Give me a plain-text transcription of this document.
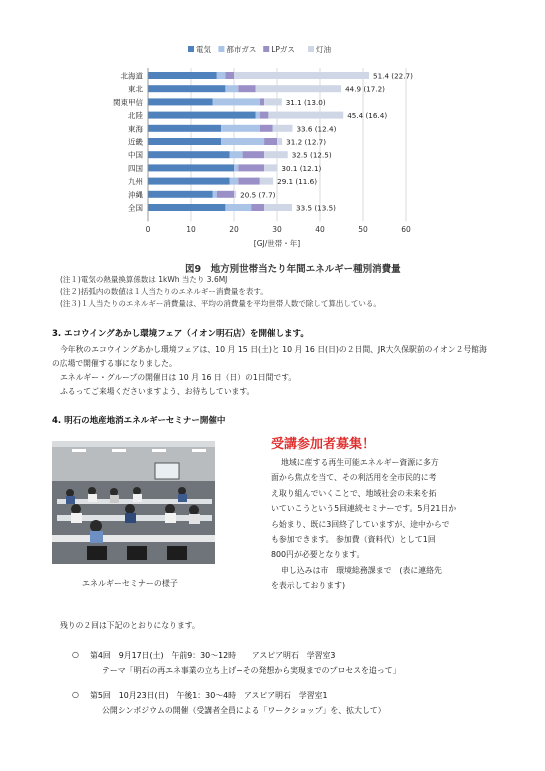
電気 都市ガス LPガス	灯油
北海道	51.4 (22.7)
東北	44.9 (17.2)
関東甲信	31.1 (13.0)
北陸	45.4 (16.4)
東海	33.6 (12.4)
近畿	31.2 (12.7)
中国	32.5 (12.5)
四国	30.1 (12.1)
九州	29.1 (11.6)
沖縄	20.5 (7.7)
全国	33.5 (13.5)
0	10	20	30	40	50	60
[GJ/世帯・年]
図9　地方別世帯当たり年間エネルギー種別消費量
(注１)電気の熱量換算係数は 1kWh 当たり 3.6MJ
(注２)括弧内の数値は１人当たりのエネルギー消費量を表す。
(注３)１人当たりのエネルギー消費量は、平均の消費量を平均世帯人数で除して算出している。
3. エコウイングあかし環境フェア（イオン明石店）を開催します。
今年秋のエコウイングあかし環境フェアは、10 月 15 日(土)と 10 月 16 日(日)の２日間、JR大久保駅前のイオン２号館海
の広場で開催する事になりました。
エネルギー・グループの開催日は 10 月 16 日（日）の1日間です。
ふるってご来場くださいますよう、お待ちしています。
4. 明石の地産地消エネルギーセミナー開催中
エネルギーセミナーの様子
受講参加者募集！
地域に産する再生可能エネルギー資源に多方
面から焦点を当て、その利活用を全市民的に考
え取り組んでいくことで、地域社会の未来を拓
いていこうという5回連続セミナーです。5月21日か
ら始まり、既に3回終了していますが、途中からで
も参加できます。 参加費（資料代）として1回
800円が必要となります。
申し込みは市　環境総務課まで　(表に連絡先
を表示しております)
残りの２回は下記のとおりになります。
○ 第4回　9月17日(土)　午前9：30～12時　　アスピア明石　学習室3
テーマ「明石の再エネ事業の立ち上げ−その発想から実現までのプロセスを追って」
○ 第5回　10月23日(日)　午後1：30～4時　アスピア明石　学習室1
公開シンポジウムの開催（受講者全員による「ワークショップ」を、拡大して）
